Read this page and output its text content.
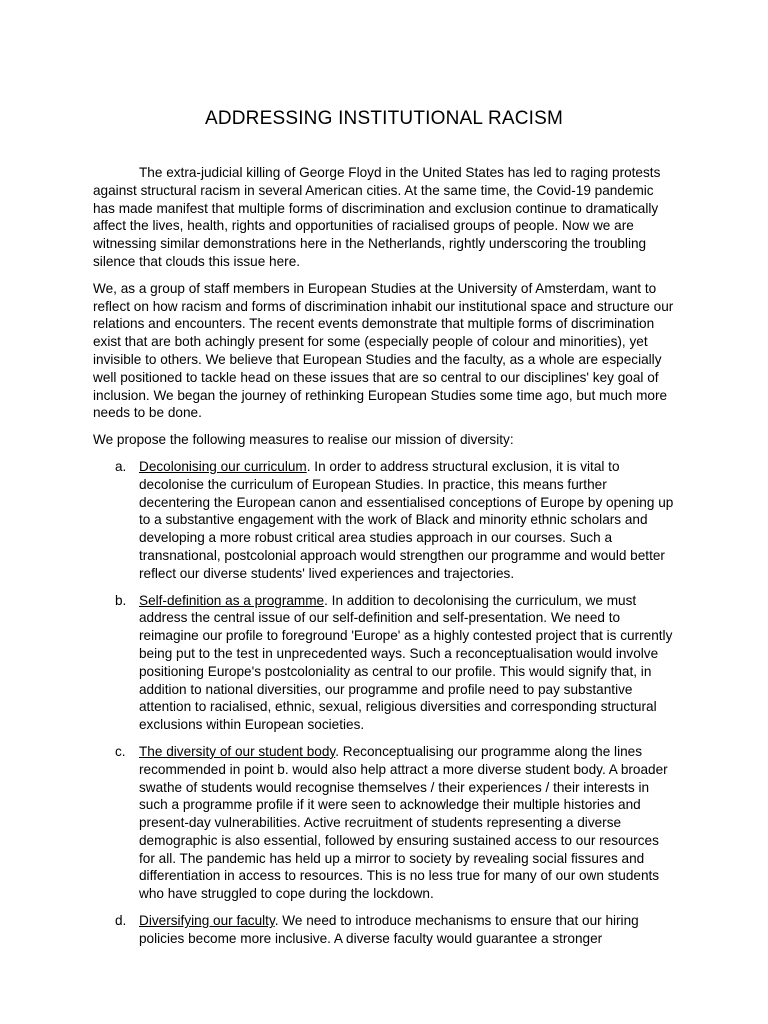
ADDRESSING INSTITUTIONAL RACISM

The extra-judicial killing of George Floyd in the United States has led to raging protests against structural racism in several American cities. At the same time, the Covid-19 pandemic has made manifest that multiple forms of discrimination and exclusion continue to dramatically affect the lives, health, rights and opportunities of racialised groups of people. Now we are witnessing similar demonstrations here in the Netherlands, rightly underscoring the troubling silence that clouds this issue here.

We, as a group of staff members in European Studies at the University of Amsterdam, want to reflect on how racism and forms of discrimination inhabit our institutional space and structure our relations and encounters. The recent events demonstrate that multiple forms of discrimination exist that are both achingly present for some (especially people of colour and minorities), yet invisible to others. We believe that European Studies and the faculty, as a whole are especially well positioned to tackle head on these issues that are so central to our disciplines' key goal of inclusion. We began the journey of rethinking European Studies some time ago, but much more needs to be done.

We propose the following measures to realise our mission of diversity:

a. Decolonising our curriculum. In order to address structural exclusion, it is vital to decolonise the curriculum of European Studies. In practice, this means further decentering the European canon and essentialised conceptions of Europe by opening up to a substantive engagement with the work of Black and minority ethnic scholars and developing a more robust critical area studies approach in our courses. Such a transnational, postcolonial approach would strengthen our programme and would better reflect our diverse students' lived experiences and trajectories.
b. Self-definition as a programme. In addition to decolonising the curriculum, we must address the central issue of our self-definition and self-presentation. We need to reimagine our profile to foreground 'Europe' as a highly contested project that is currently being put to the test in unprecedented ways. Such a reconceptualisation would involve positioning Europe's postcoloniality as central to our profile. This would signify that, in addition to national diversities, our programme and profile need to pay substantive attention to racialised, ethnic, sexual, religious diversities and corresponding structural exclusions within European societies.
c. The diversity of our student body. Reconceptualising our programme along the lines recommended in point b. would also help attract a more diverse student body. A broader swathe of students would recognise themselves / their experiences / their interests in such a programme profile if it were seen to acknowledge their multiple histories and present-day vulnerabilities. Active recruitment of students representing a diverse demographic is also essential, followed by ensuring sustained access to our resources for all. The pandemic has held up a mirror to society by revealing social fissures and differentiation in access to resources. This is no less true for many of our own students who have struggled to cope during the lockdown.
d. Diversifying our faculty. We need to introduce mechanisms to ensure that our hiring policies become more inclusive. A diverse faculty would guarantee a stronger
